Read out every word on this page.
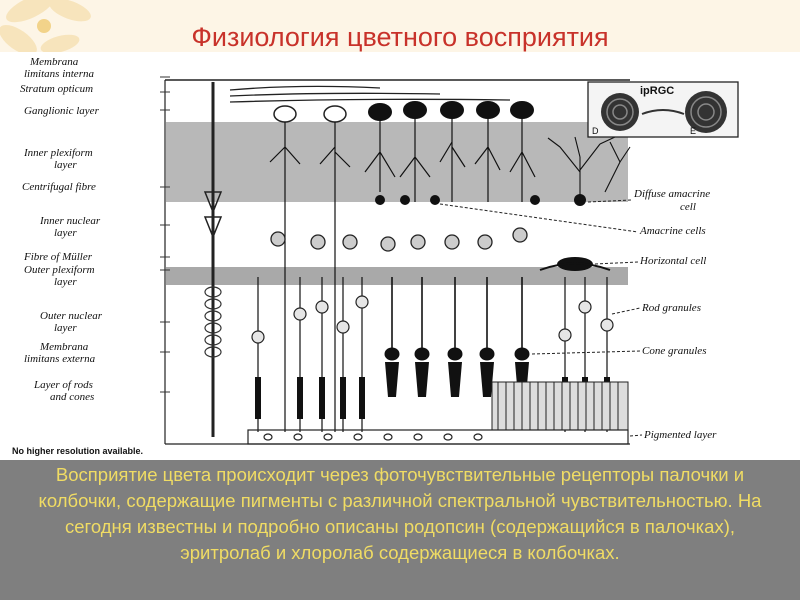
Физиология цветного восприятия
ipRGC
D	E
Membrana
limitans interna
Stratum opticum
Ganglionic layer
Inner plexiform
layer
Centrifugal fibre
Inner nuclear
layer
Fibre of Müller
Outer plexiform
layer
Outer nuclear
layer
Membrana
limitans externa
Layer of rods
and cones
Diffuse amacrine
cell
Amacrine cells
Horizontal cell
Rod granules
Cone granules
Pigmented layer
No higher resolution available.
Восприятие цвета происходит через фоточувствительные рецепторы палочки и колбочки, содержащие пигменты с различной спектральной чувствительностью. На сегодня известны и подробно описаны родопсин (содержащийся в палочках), эритролаб и хлоролаб содержащиеся в колбочках.
